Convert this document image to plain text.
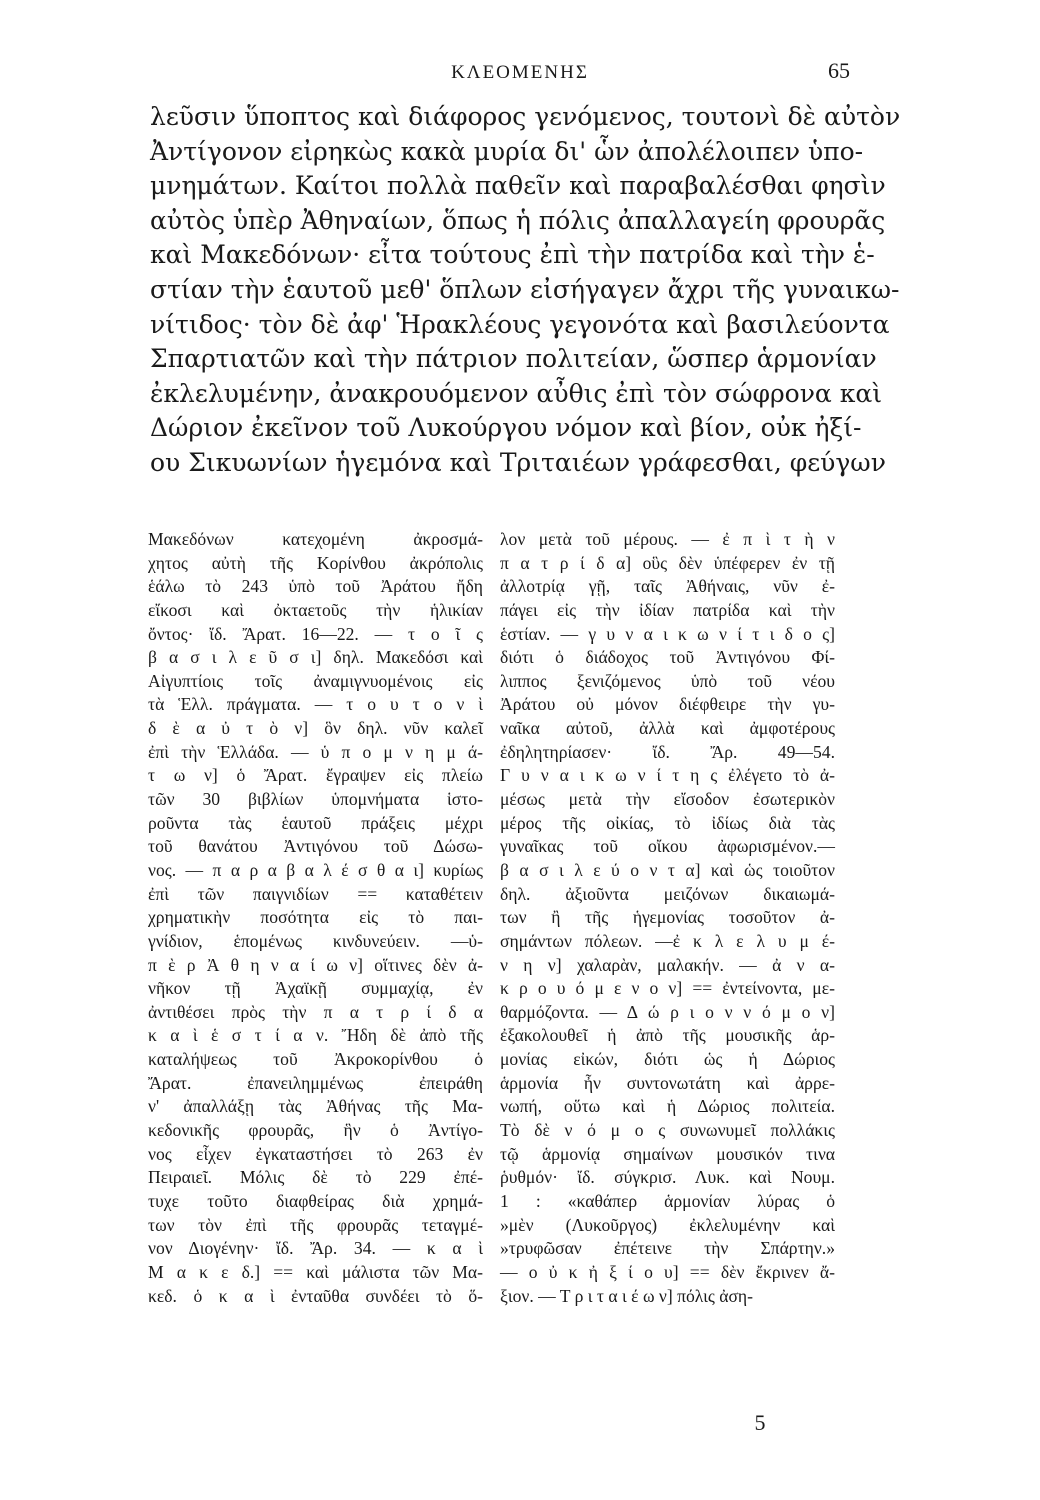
ΚΛΕΟΜΕΝΗΣ	65
λεῦσιν ὕποπτος καὶ διάφορος γενόμενος, τουτονὶ δὲ αὐτὸν
Ἀντίγονον εἰρηκὼς κακὰ μυρία δι' ὧν ἀπολέλοιπεν ὑπο-
μνημάτων. Καίτοι πολλὰ παθεῖν καὶ παραβαλέσθαι φησὶν
αὐτὸς ὑπὲρ Ἀθηναίων, ὅπως ἡ πόλις ἀπαλλαγείη φρουρᾶς
καὶ Μακεδόνων· εἶτα τούτους ἐπὶ τὴν πατρίδα καὶ τὴν ἑ-
στίαν τὴν ἑαυτοῦ μεθ' ὅπλων εἰσήγαγεν ἄχρι τῆς γυναικω-
νίτιδος· τὸν δὲ ἀφ' Ἡρακλέους γεγονότα καὶ βασιλεύοντα
Σπαρτιατῶν καὶ τὴν πάτριον πολιτείαν, ὥσπερ ἁρμονίαν
ἐκλελυμένην, ἀνακρουόμενον αὖθις ἐπὶ τὸν σώφρονα καὶ
Δώριον ἐκεῖνον τοῦ Λυκούργου νόμον καὶ βίον, οὐκ ἠξί-
ου Σικυωνίων ἡγεμόνα καὶ Τριταιέων γράφεσθαι, φεύγων
Μακεδόνων κατεχομένη ἀκροσμά-
χητος αὐτὴ τῆς Κορίνθου ἀκρόπολις
ἑάλω τὸ 243 ὑπὸ τοῦ Ἀράτου ἤδη
εἴκοσι καὶ ὀκταετοῦς τὴν ἡλικίαν
ὄντος· ἴδ. Ἄρατ. 16—22. — τ ο ῖ ς
β α σ ι λ ε ῦ σ ι] δηλ. Μακεδόσι καὶ
Αἰγυπτίοις τοῖς ἀναμιγνυομένοις εἰς
τὰ Ἑλλ. πράγματα. — τ ο υ τ ο ν ὶ
δ ὲ α ὐ τ ὸ ν] ὃν δηλ. νῦν καλεῖ
ἐπὶ τὴν Ἑλλάδα. — ὑ π ο μ ν η μ ά-
τ ω ν] ὁ Ἄρατ. ἔγραψεν εἰς πλείω
τῶν 30 βιβλίων ὑπομνήματα ἱστο-
ροῦντα τὰς ἑαυτοῦ πράξεις μέχρι
τοῦ θανάτου Ἀντιγόνου τοῦ Δώσω-
νος. — π α ρ α β α λ έ σ θ α ι] κυρίως
ἐπὶ τῶν παιγνιδίων == καταθέτειν
χρηματικὴν ποσότητα εἰς τὸ παι-
γνίδιον, ἑπομένως κινδυνεύειν. —ὑ-
π ὲ ρ Ἀ θ η ν α ί ω ν] οἵτινες δὲν ἀ-
νῆκον τῇ Ἀχαϊκῇ συμμαχίᾳ, ἐν
ἀντιθέσει πρὸς τὴν π α τ ρ ί δ α
κ α ὶ ἑ σ τ ί α ν. Ἤδη δὲ ἀπὸ τῆς
καταλήψεως τοῦ Ἀκροκορίνθου ὁ
Ἄρατ. ἐπανειλημμένως ἐπειράθη
ν' ἀπαλλάξῃ τὰς Ἀθήνας τῆς Μα-
κεδονικῆς φρουρᾶς, ἣν ὁ Ἀντίγο-
νος εἶχεν ἐγκαταστήσει τὸ 263 ἐν
Πειραιεῖ. Μόλις δὲ τὸ 229 ἐπέ-
τυχε τοῦτο διαφθείρας διὰ χρημά-
των τὸν ἐπὶ τῆς φρουρᾶς τεταγμέ-
νον Διογένην· ἴδ. Ἄρ. 34. — κ α ὶ
Μ α κ ε δ.] == καὶ μάλιστα τῶν Μα-
κεδ. ὁ κ α ὶ ἐνταῦθα συνδέει τὸ ὅ-
λον μετὰ τοῦ μέρους. — ἐ π ὶ τ ὴ ν
π α τ ρ ί δ α] οὓς δὲν ὑπέφερεν ἐν τῇ
ἀλλοτρίᾳ γῇ, ταῖς Ἀθήναις, νῦν ἐ-
πάγει εἰς τὴν ἰδίαν πατρίδα καὶ τὴν
ἑστίαν. — γ υ ν α ι κ ω ν ί τ ι δ ο ς]
διότι ὁ διάδοχος τοῦ Ἀντιγόνου Φί-
λιππος ξενιζόμενος ὑπὸ τοῦ νέου
Ἀράτου οὐ μόνον διέφθειρε τὴν γυ-
ναῖκα αὐτοῦ, ἀλλὰ καὶ ἀμφοτέρους
ἐδηλητηρίασεν· ἴδ. Ἄρ. 49—54.
Γ υ ν α ι κ ω ν ί τ η ς ἐλέγετο τὸ ἀ-
μέσως μετὰ τὴν εἴσοδον ἐσωτερικὸν
μέρος τῆς οἰκίας, τὸ ἰδίως διὰ τὰς
γυναῖκας τοῦ οἴκου ἀφωρισμένον.—
β α σ ι λ ε ύ ο ν τ α] καὶ ὡς τοιοῦτον
δηλ. ἀξιοῦντα μειζόνων δικαιωμά-
των ἢ τῆς ἡγεμονίας τοσοῦτον ἀ-
σημάντων πόλεων. —ἐ κ λ ε λ υ μ έ-
ν η ν] χαλαρὰν, μαλακήν. — ἀ ν α-
κ ρ ο υ ό μ ε ν ο ν] == ἐντείνοντα, με-
θαρμόζοντα. — Δ ώ ρ ι ο ν ν ό μ ο ν]
ἐξακολουθεῖ ἡ ἀπὸ τῆς μουσικῆς ἁρ-
μονίας εἰκών, διότι ὡς ἡ Δώριος
ἁρμονία ἦν συντονωτάτη καὶ ἀρρε-
νωπή, οὕτω καὶ ἡ Δώριος πολιτεία.
Τὸ δὲ ν ό μ ο ς συνωνυμεῖ πολλάκις
τῷ ἁρμονίᾳ σημαίνων μουσικόν τινα
ῥυθμόν· ἴδ. σύγκρισ. Λυκ. καὶ Νουμ.
1 : «καθάπερ ἁρμονίαν λύρας ὁ
»μὲν (Λυκοῦργος) ἐκλελυμένην καὶ
»τρυφῶσαν ἐπέτεινε τὴν Σπάρτην.»
— ο ὐ κ ἠ ξ ί ο υ] == δὲν ἔκρινεν ἄ-
ξιον. — Τ ρ ι τ α ι έ ω ν] πόλις ἀση-
5
